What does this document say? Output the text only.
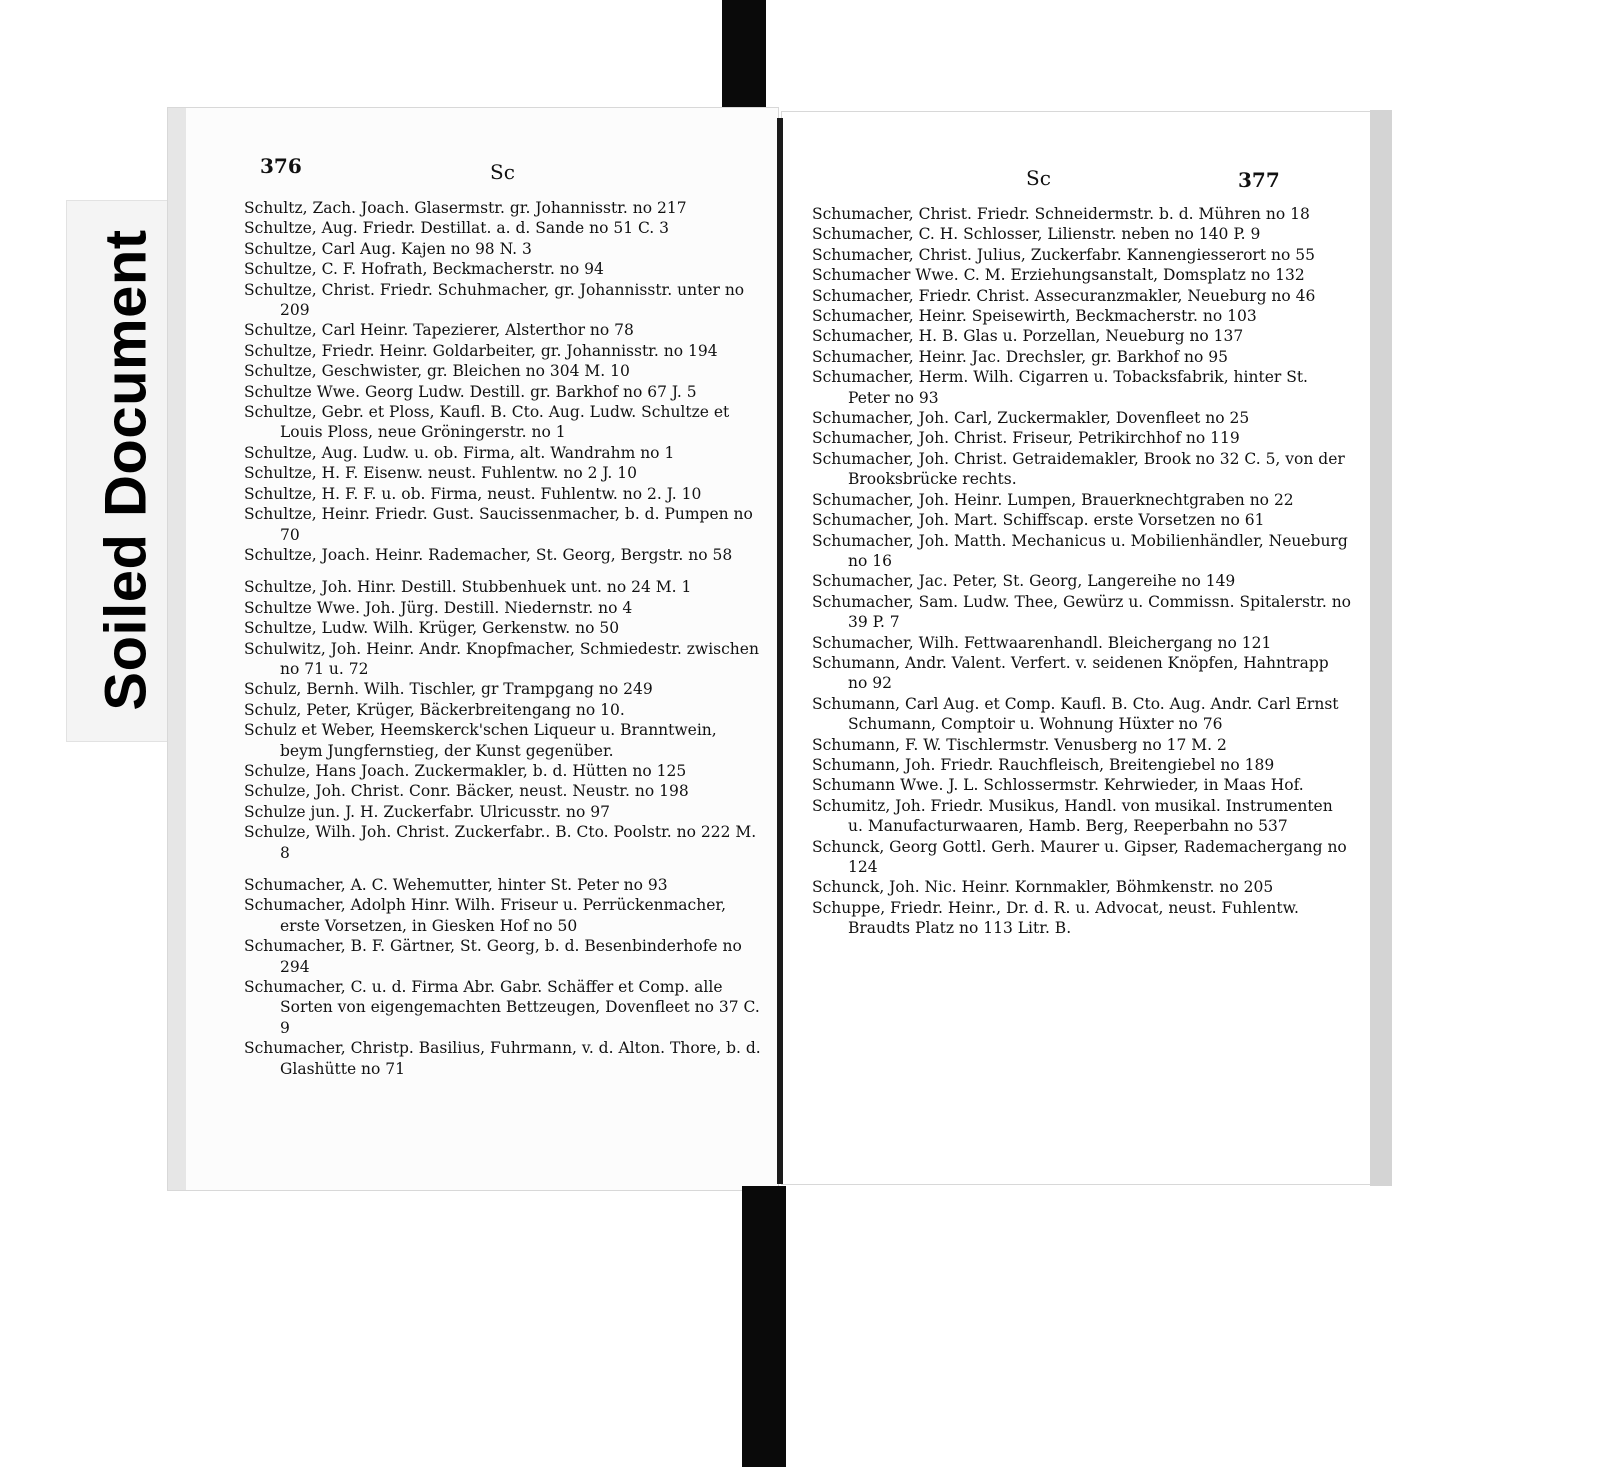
Soiled Document
376	Sc

Schultz, Zach. Joach. Glasermstr. gr. Johannisstr. no 217

Schultze, Aug. Friedr. Destillat. a. d. Sande no 51 C. 3

Schultze, Carl Aug. Kajen no 98 N. 3

Schultze, C. F. Hofrath, Beckmacherstr. no 94

Schultze, Christ. Friedr. Schuhmacher, gr. Johannisstr. unter no 209

Schultze, Carl Heinr. Tapezierer, Alsterthor no 78

Schultze, Friedr. Heinr. Goldarbeiter, gr. Johannisstr. no 194

Schultze, Geschwister, gr. Bleichen no 304 M. 10

Schultze Wwe. Georg Ludw. Destill. gr. Barkhof no 67 J. 5

Schultze, Gebr. et Ploss, Kaufl. B. Cto. Aug. Ludw. Schultze et Louis Ploss, neue Gröningerstr. no 1

Schultze, Aug. Ludw. u. ob. Firma, alt. Wandrahm no 1

Schultze, H. F. Eisenw. neust. Fuhlentw. no 2 J. 10

Schultze, H. F. F. u. ob. Firma, neust. Fuhlentw. no 2. J. 10

Schultze, Heinr. Friedr. Gust. Saucissenmacher, b. d. Pumpen no 70

Schultze, Joach. Heinr. Rademacher, St. Georg, Bergstr. no 58

Schultze, Joh. Hinr. Destill. Stubbenhuek unt. no 24 M. 1

Schultze Wwe. Joh. Jürg. Destill. Niedernstr. no 4

Schultze, Ludw. Wilh. Krüger, Gerkenstw. no 50

Schulwitz, Joh. Heinr. Andr. Knopfmacher, Schmiedestr. zwischen no 71 u. 72

Schulz, Bernh. Wilh. Tischler, gr Trampgang no 249

Schulz, Peter, Krüger, Bäckerbreitengang no 10.

Schulz et Weber, Heemskerck'schen Liqueur u. Branntwein, beym Jungfernstieg, der Kunst gegenüber.

Schulze, Hans Joach. Zuckermakler, b. d. Hütten no 125

Schulze, Joh. Christ. Conr. Bäcker, neust. Neustr. no 198

Schulze jun. J. H. Zuckerfabr. Ulricusstr. no 97

Schulze, Wilh. Joh. Christ. Zuckerfabr.. B. Cto. Poolstr. no 222 M. 8

Schumacher, A. C. Wehemutter, hinter St. Peter no 93

Schumacher, Adolph Hinr. Wilh. Friseur u. Perrückenmacher, erste Vorsetzen, in Giesken Hof no 50

Schumacher, B. F. Gärtner, St. Georg, b. d. Besenbinderhofe no 294

Schumacher, C. u. d. Firma Abr. Gabr. Schäffer et Comp. alle Sorten von eigengemachten Bettzeugen, Dovenfleet no 37 C. 9

Schumacher, Christp. Basilius, Fuhrmann, v. d. Alton. Thore, b. d. Glashütte no 71

Sc	377

Schumacher, Christ. Friedr. Schneidermstr. b. d. Mühren no 18

Schumacher, C. H. Schlosser, Lilienstr. neben no 140 P. 9

Schumacher, Christ. Julius, Zuckerfabr. Kannengiesserort no 55

Schumacher Wwe. C. M. Erziehungsanstalt, Domsplatz no 132

Schumacher, Friedr. Christ. Assecuranzmakler, Neueburg no 46

Schumacher, Heinr. Speisewirth, Beckmacherstr. no 103

Schumacher, H. B. Glas u. Porzellan, Neueburg no 137

Schumacher, Heinr. Jac. Drechsler, gr. Barkhof no 95

Schumacher, Herm. Wilh. Cigarren u. Tobacksfabrik, hinter St. Peter no 93

Schumacher, Joh. Carl, Zuckermakler, Dovenfleet no 25

Schumacher, Joh. Christ. Friseur, Petrikirchhof no 119

Schumacher, Joh. Christ. Getraidemakler, Brook no 32 C. 5, von der Brooksbrücke rechts.

Schumacher, Joh. Heinr. Lumpen, Brauerknechtgraben no 22

Schumacher, Joh. Mart. Schiffscap. erste Vorsetzen no 61

Schumacher, Joh. Matth. Mechanicus u. Mobilienhändler, Neueburg no 16

Schumacher, Jac. Peter, St. Georg, Langereihe no 149

Schumacher, Sam. Ludw. Thee, Gewürz u. Commissn. Spitalerstr. no 39 P. 7

Schumacher, Wilh. Fettwaarenhandl. Bleichergang no 121

Schumann, Andr. Valent. Verfert. v. seidenen Knöpfen, Hahntrapp no 92

Schumann, Carl Aug. et Comp. Kaufl. B. Cto. Aug. Andr. Carl Ernst Schumann, Comptoir u. Wohnung Hüxter no 76

Schumann, F. W. Tischlermstr. Venusberg no 17 M. 2

Schumann, Joh. Friedr. Rauchfleisch, Breitengiebel no 189

Schumann Wwe. J. L. Schlossermstr. Kehrwieder, in Maas Hof.

Schumitz, Joh. Friedr. Musikus, Handl. von musikal. Instrumenten u. Manufacturwaaren, Hamb. Berg, Reeperbahn no 537

Schunck, Georg Gottl. Gerh. Maurer u. Gipser, Rademachergang no 124

Schunck, Joh. Nic. Heinr. Kornmakler, Böhmkenstr. no 205

Schuppe, Friedr. Heinr., Dr. d. R. u. Advocat, neust. Fuhlentw. Braudts Platz no 113 Litr. B.
